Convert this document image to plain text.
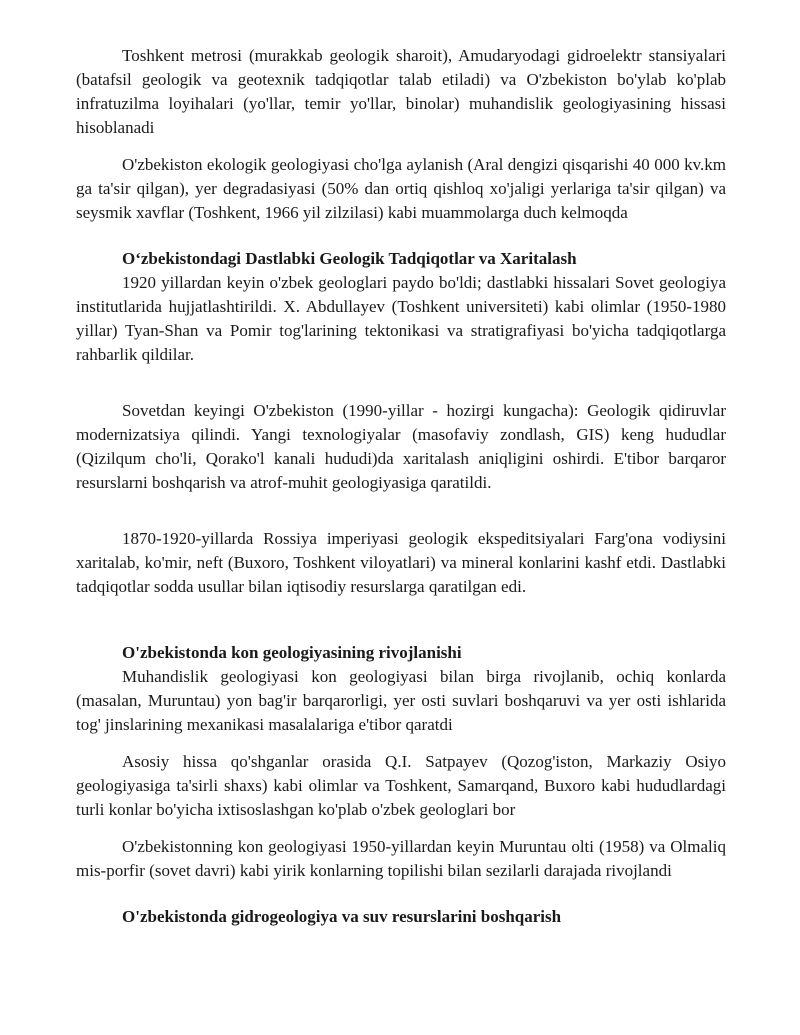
Toshkent metrosi (murakkab geologik sharoit), Amudaryodagi gidroelektr stansiyalari (batafsil geologik va geotexnik tadqiqotlar talab etiladi) va O'zbekiston bo'ylab ko'plab infratuzilma loyihalari (yo'llar, temir yo'llar, binolar) muhandislik geologiyasining hissasi hisoblanadi

O'zbekiston ekologik geologiyasi cho'lga aylanish (Aral dengizi qisqarishi 40 000 kv.km ga ta'sir qilgan), yer degradasiyasi (50% dan ortiq qishloq xo'jaligi yerlariga ta'sir qilgan) va seysmik xavflar (Toshkent, 1966 yil zilzilasi) kabi muammolarga duch kelmoqda

O‘zbekistondagi Dastlabki Geologik Tadqiqotlar va Xaritalash

1920 yillardan keyin o'zbek geologlari paydo bo'ldi; dastlabki hissalari Sovet geologiya institutlarida hujjatlashtirildi. X. Abdullayev (Toshkent universiteti) kabi olimlar (1950-1980 yillar) Tyan-Shan va Pomir tog'larining tektonikasi va stratigrafiyasi bo'yicha tadqiqotlarga rahbarlik qildilar.

Sovetdan keyingi O'zbekiston (1990-yillar - hozirgi kungacha): Geologik qidiruvlar modernizatsiya qilindi. Yangi texnologiyalar (masofaviy zondlash, GIS) keng hududlar (Qizilqum cho'li, Qorako'l kanali hududi)da xaritalash aniqligini oshirdi. E'tibor barqaror resurslarni boshqarish va atrof-muhit geologiyasiga qaratildi.

1870-1920-yillarda Rossiya imperiyasi geologik ekspeditsiyalari Farg'ona vodiysini xaritalab, ko'mir, neft (Buxoro, Toshkent viloyatlari) va mineral konlarini kashf etdi. Dastlabki tadqiqotlar sodda usullar bilan iqtisodiy resurslarga qaratilgan edi.

O'zbekistonda kon geologiyasining rivojlanishi

Muhandislik geologiyasi kon geologiyasi bilan birga rivojlanib, ochiq konlarda (masalan, Muruntau) yon bag'ir barqarorligi, yer osti suvlari boshqaruvi va yer osti ishlarida tog' jinslarining mexanikasi masalalariga e'tibor qaratdi

Asosiy hissa qo'shganlar orasida Q.I. Satpayev (Qozog'iston, Markaziy Osiyo geologiyasiga ta'sirli shaxs) kabi olimlar va Toshkent, Samarqand, Buxoro kabi hududlardagi turli konlar bo'yicha ixtisoslashgan ko'plab o'zbek geologlari bor

O'zbekistonning kon geologiyasi 1950-yillardan keyin Muruntau olti (1958) va Olmaliq mis-porfir (sovet davri) kabi yirik konlarning topilishi bilan sezilarli darajada rivojlandi

O'zbekistonda gidrogeologiya va suv resurslarini boshqarish
